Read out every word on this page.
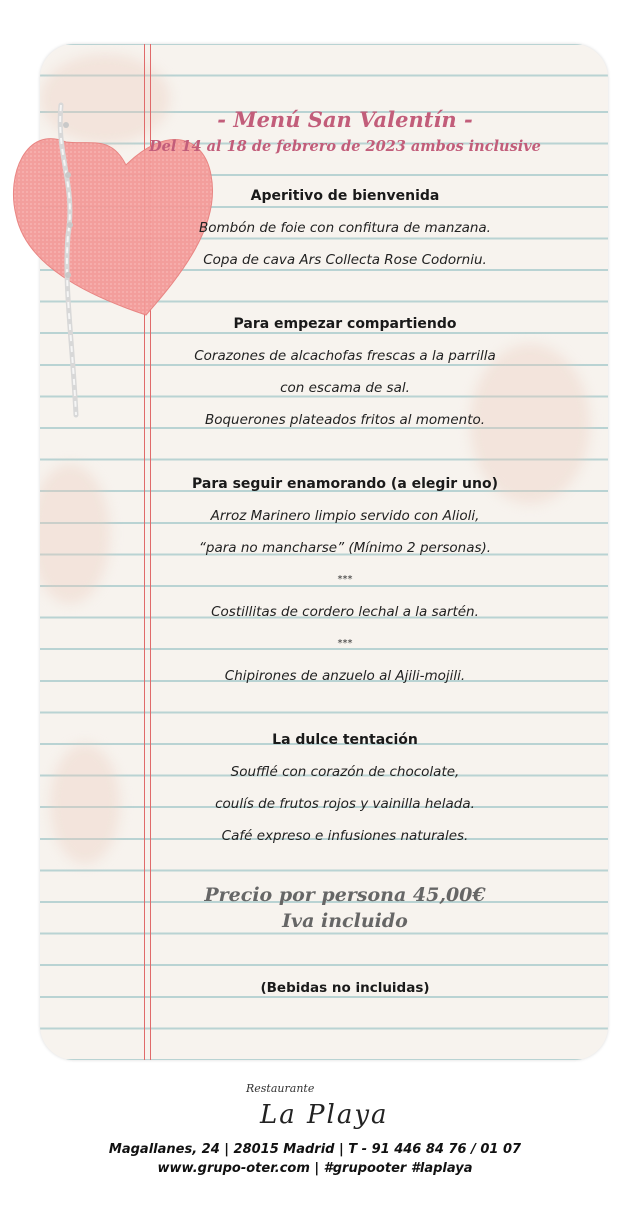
- Menú San Valentín -

Del 14 al 18 de febrero de 2023 ambos inclusive

Aperitivo de bienvenida

Bombón de foie con confitura de manzana.

Copa de cava Ars Collecta Rose Codorniu.

Para empezar compartiendo

Corazones de alcachofas frescas a la parrilla

con escama de sal.

Boquerones plateados fritos al momento.

Para seguir enamorando (a elegir uno)

Arroz Marinero limpio servido con Alioli,

“para no mancharse” (Mínimo 2 personas).

***

Costillitas de cordero lechal a la sartén.

***

Chipirones de anzuelo al Ajili-mojili.

La dulce tentación

Soufflé con corazón de chocolate,

coulís de frutos rojos y vainilla helada.

Café expreso e infusiones naturales.

Precio por persona 45,00€

Iva incluido

(Bebidas no incluidas)

Restaurante
La Playa
Magallanes, 24 | 28015 Madrid | T - 91 446 84 76 / 01 07
www.grupo-oter.com | #grupooter #laplaya
